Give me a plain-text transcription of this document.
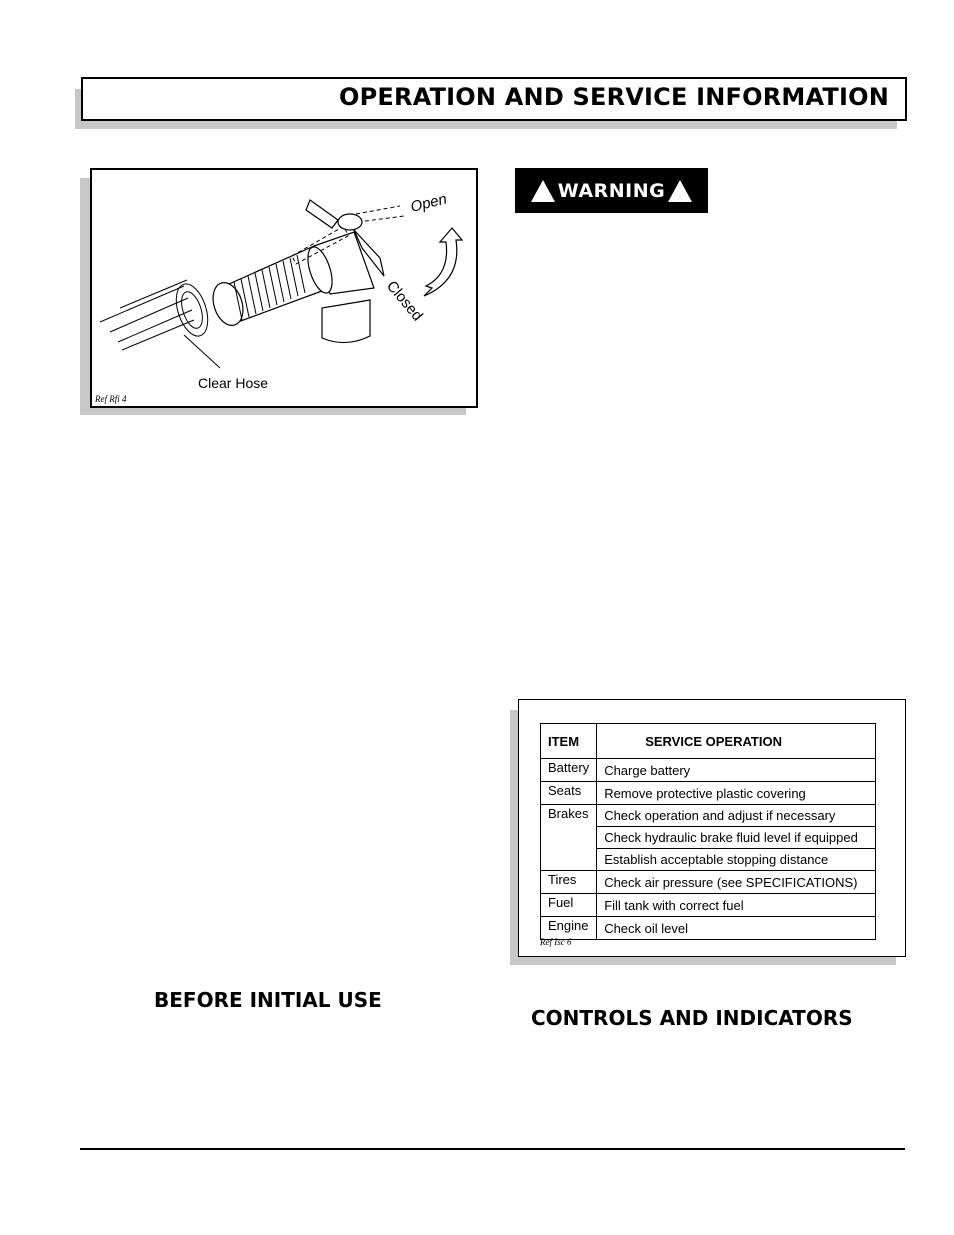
OPERATION AND SERVICE INFORMATION
Open
Closed
Clear Hose
Ref Rfi 4
WARNING
ITEM	SERVICE OPERATION
Battery	Charge battery
Seats	Remove protective plastic covering
Brakes	Check operation and adjust if necessary
	Check hydraulic brake fluid level if equipped
	Establish acceptable stopping distance
Tires	Check air pressure (see SPECIFICATIONS)
Fuel	Fill tank with correct fuel
Engine	Check oil level
Ref Isc 6
BEFORE INITIAL USE
CONTROLS AND INDICATORS
